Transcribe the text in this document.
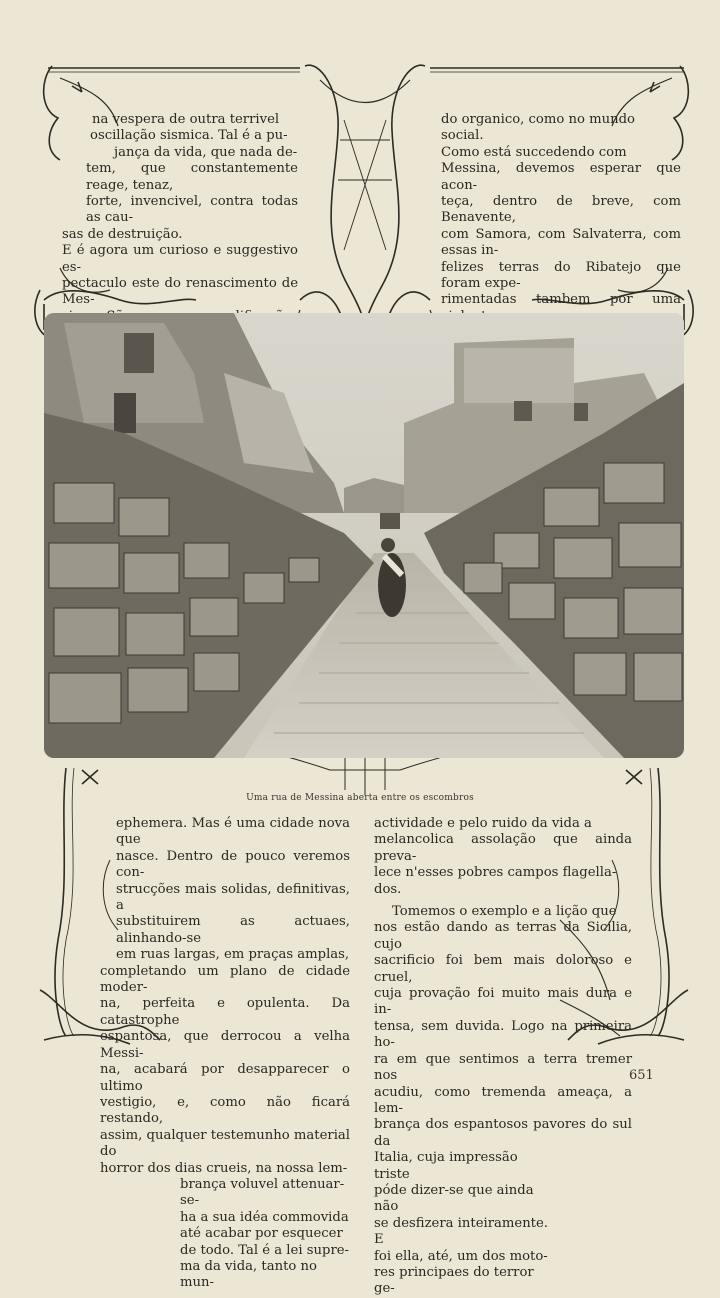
na vespera de outra terrivel
oscillação sismica. Tal é a pu-
jança da vida, que nada de-
tem, que constantemente reage, tenaz,
forte, invencivel, contra todas as cau-
sas de destruição.
E é agora um curioso e suggestivo es-
pectaculo este do renascimento de Mes-
do organico, como no mundo
social.
Como está succedendo com
Messina, devemos esperar que acon-
teça, dentro de breve, com Benavente,
com Samora, com Salvaterra, com essas in-
felizes terras do Ribatejo que foram expe-
rimentadas tambem por uma
Uma rua de Messina aberta entre os escombros
ephemera. Mas é uma cidade nova que
nasce. Dentro de pouco veremos con-
strucções mais solidas, definitivas, a
substituirem as actuaes, alinhando-se
em ruas largas, em praças amplas,
completando um plano de cidade moder-
na, perfeita e opulenta. Da catastrophe
espantosa, que derrocou a velha Messi-
na, acabará por desapparecer o ultimo
vestigio, e, como não ficará restando,
assim, qualquer testemunho material do
horror dos dias crueis, na nossa lem-
brança voluvel attenuar-se-
ha a sua idéa commovida
até acabar por esquecer
de todo. Tal é a lei supre-
ma da vida, tanto no mun-
actividade e pelo ruido da vida a
melancolica assolação que ainda preva-
lece n'esses pobres campos flagella-
dos.
Tomemos o exemplo e a lição que
nos estão dando as terras da Sicilia, cujo
sacrificio foi bem mais doloroso e cruel,
cuja provação foi muito mais dura e in-
tensa, sem duvida. Logo na primeira ho-
ra em que sentimos a terra tremer nos
acudiu, como tremenda ameaça, a lem-
brança dos espantosos pavores do sul da
Italia, cuja impressão triste
póde dizer-se que ainda não
se desfizera inteiramente. E
foi ella, até, um dos moto-
res principaes do terror ge-
651
